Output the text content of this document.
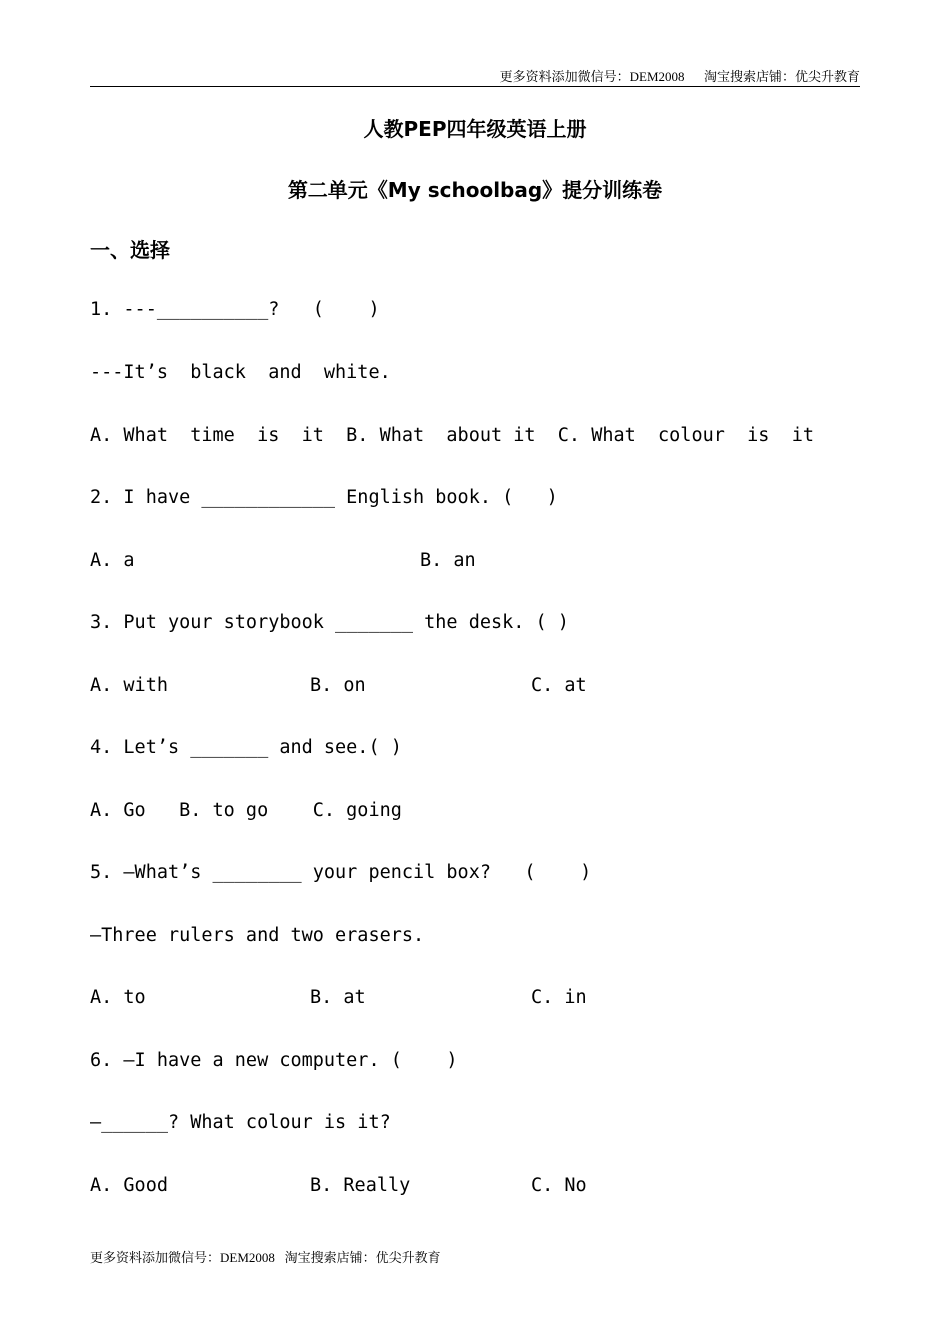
更多资料添加微信号：DEM2008      淘宝搜索店铺：优尖升教育
人教PEP四年级英语上册
第二单元《My schoolbag》提分训练卷
一、选择
1. ---__________?   (    )
---It’s  black  and  white.
A. What  time  is  it  B. What  about it  C. What  colour  is  it
2. I have ____________ English book. (   )

A. a

	B. an

3. Put your storybook _______ the desk. ( )

A. with

	B. on

	C. at

4. Let’s _______ and see.( )
A. Go   B. to go    C. going
5. —What’s ________ your pencil box?   (    )
—Three rulers and two erasers.

A. to

	B. at

	C. in

6. —I have a new computer. (    )
—______? What colour is it?

A. Good

	B. Really

	C. No

更多资料添加微信号：DEM2008   淘宝搜索店铺：优尖升教育
